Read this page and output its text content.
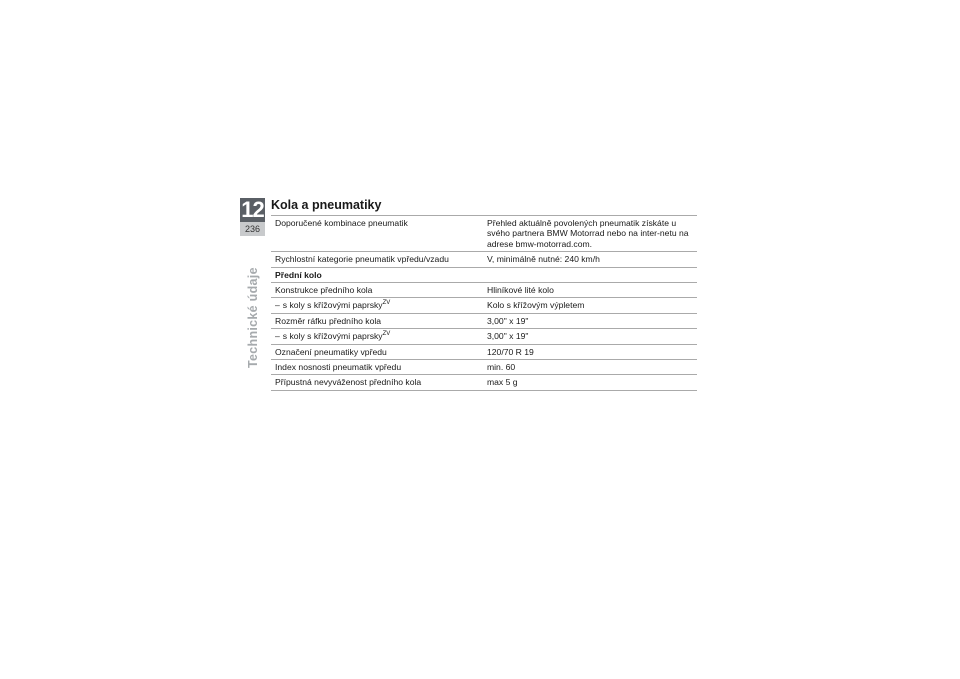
12
236
Technické údaje
Kola a pneumatiky
Doporučené kombinace pneumatik	Přehled aktuálně povolených pneumatik získáte u svého partnera BMW Motorrad nebo na inter-netu na adrese bmw-motorrad.com.
Rychlostní kategorie pneumatik vpředu/vzadu	V, minimálně nutné: 240 km/h
Přední kolo	
Konstrukce předního kola	Hliníkové lité kolo
– s koly s křížovými paprsky$^{ZV}$	Kolo s křížovým výpletem
Rozměr ráfku předního kola	3,00" x 19"
– s koly s křížovými paprsky$^{ZV}$	3,00" x 19"
Označení pneumatiky vpředu	120/70 R 19
Index nosnosti pneumatik vpředu	min. 60
Přípustná nevyváženost předního kola	max 5 g
